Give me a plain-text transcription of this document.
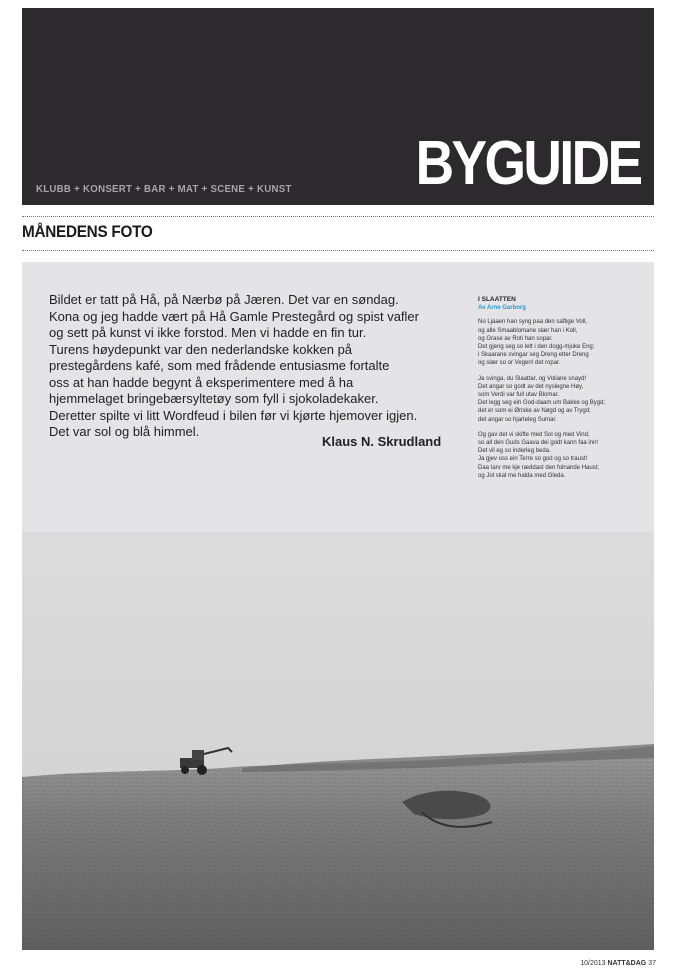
KLUBB + KONSERT + BAR + MAT + SCENE + KUNST BYGUIDE
MÅNEDENS FOTO
Bildet er tatt på Hå, på Nærbø på Jæren. Det var en søndag.
Kona og jeg hadde vært på Hå Gamle Prestegård og spist vafler
og sett på kunst vi ikke forstod. Men vi hadde en fin tur.
Turens høydepunkt var den nederlandske kokken på
prestegårdens kafé, som med frådende entusiasme fortalte
oss at han hadde begynt å eksperimentere med å ha
hjemmelaget bringebærsyltetøy som fyll i sjokoladekaker.
Deretter spilte vi litt Wordfeud i bilen før vi kjørte hjemover igjen.
Det var sol og blå himmel.
Klaus N. Skrudland
I SLAATTEN
Av Arne Garborg
No Ljaaen han syng paa den saftige Voll,
og alle Smaablomane slær han i Koll,
og Grase av Roti han sopar.
Det gjeng seg so lett i den dogg-mjuke Eng;
i Skaarane svingar seg Dreng etter Dreng
og slær so or Vegen! det ropar.
Ja svinga, du Slaattar, og Voliane snayd!
Det angar so godt av det nyslegne Høy,
som Verdi var full utav Blomar.
Det legg seg ein God-daam um Bakke og Bygd;
det er som ei Ønske av Nøgd og av Trygd;
det angar so hjarteleg Sumar.
Og gav det vi skifte med Sol og med Vind,
so all den Guds Gaava dei godt kann faa inn!
Det vil eg so inderleg beda.
Ja gjev oss ein Terre so god og so traust!
Daa tarv me kje ræddast den folnande Haust;
og Jol skal me halda med Gleda.
10/2013 NATT&DAG 37
